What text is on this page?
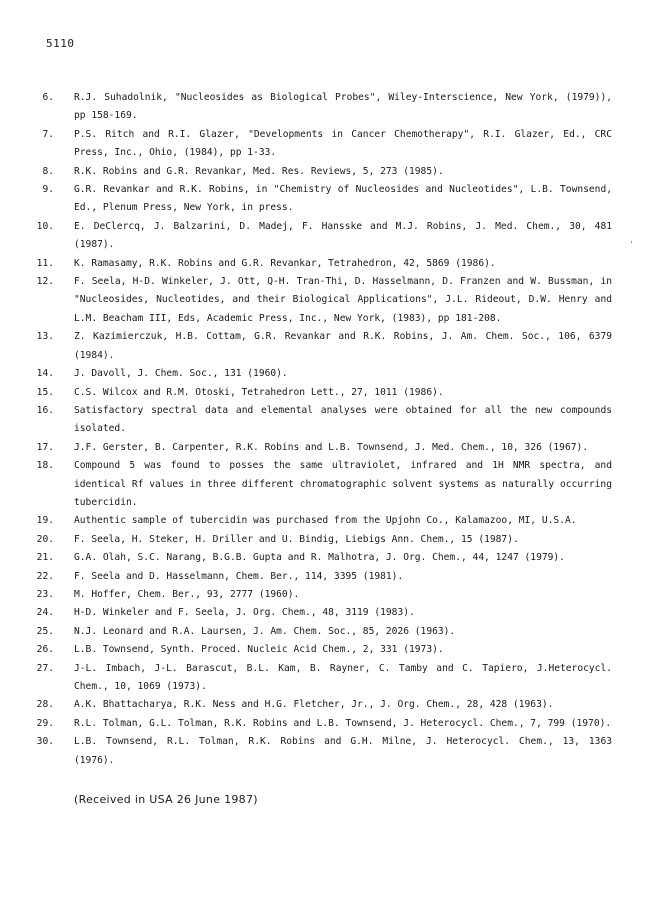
5110
'
6.	R.J. Suhadolnik, "Nucleosides as Biological Probes", Wiley-Interscience, New York, (1979)), pp 158-169.
7.	P.S. Ritch and R.I. Glazer, "Developments in Cancer Chemotherapy", R.I. Glazer, Ed., CRC Press, Inc., Ohio, (1984), pp 1-33.
8.	R.K. Robins and G.R. Revankar, Med. Res. Reviews, 5, 273 (1985).
9.	G.R. Revankar and R.K. Robins, in "Chemistry of Nucleosides and Nucleotides", L.B. Townsend, Ed., Plenum Press, New York, in press.
10.	E. DeClercq, J. Balzarini, D. Madej, F. Hansske and M.J. Robins, J. Med. Chem., 30, 481 (1987).
11.	K. Ramasamy, R.K. Robins and G.R. Revankar, Tetrahedron, 42, 5869 (1986).
12.	F. Seela, H-D. Winkeler, J. Ott, Q-H. Tran-Thi, D. Hasselmann, D. Franzen and W. Bussman, in "Nucleosides, Nucleotides, and their Biological Applications", J.L. Rideout, D.W. Henry and L.M. Beacham III, Eds, Academic Press, Inc., New York, (1983), pp 181-208.
13.	Z. Kazimierczuk, H.B. Cottam, G.R. Revankar and R.K. Robins, J. Am. Chem. Soc., 106, 6379 (1984).
14.	J. Davoll, J. Chem. Soc., 131 (1960).
15.	C.S. Wilcox and R.M. Otoski, Tetrahedron Lett., 27, 1011 (1986).
16.	Satisfactory spectral data and elemental analyses were obtained for all the new compounds isolated.
17.	J.F. Gerster, B. Carpenter, R.K. Robins and L.B. Townsend, J. Med. Chem., 10, 326 (1967).
18.	Compound 5 was found to posses the same ultraviolet, infrared and 1H NMR spectra, and identical Rf values in three different chromatographic solvent systems as naturally occurring tubercidin.
19.	Authentic sample of tubercidin was purchased from the Upjohn Co., Kalamazoo, MI, U.S.A.
20.	F. Seela, H. Steker, H. Driller and U. Bindig, Liebigs Ann. Chem., 15 (1987).
21.	G.A. Olah, S.C. Narang, B.G.B. Gupta and R. Malhotra, J. Org. Chem., 44, 1247 (1979).
22.	F. Seela and D. Hasselmann, Chem. Ber., 114, 3395 (1981).
23.	M. Hoffer, Chem. Ber., 93, 2777 (1960).
24.	H-D. Winkeler and F. Seela, J. Org. Chem., 48, 3119 (1983).
25.	N.J. Leonard and R.A. Laursen, J. Am. Chem. Soc., 85, 2026 (1963).
26.	L.B. Townsend, Synth. Proced. Nucleic Acid Chem., 2, 331 (1973).
27.	J-L. Imbach, J-L. Barascut, B.L. Kam, B. Rayner, C. Tamby and C. Tapiero, J.Heterocycl. Chem., 10, 1069 (1973).
28.	A.K. Bhattacharya, R.K. Ness and H.G. Fletcher, Jr., J. Org. Chem., 28, 428 (1963).
29.	R.L. Tolman, G.L. Tolman, R.K. Robins and L.B. Townsend, J. Heterocycl. Chem., 7, 799 (1970).
30.	L.B. Townsend, R.L. Tolman, R.K. Robins and G.H. Milne, J. Heterocycl. Chem., 13, 1363 (1976).
(Received in USA 26 June 1987)
